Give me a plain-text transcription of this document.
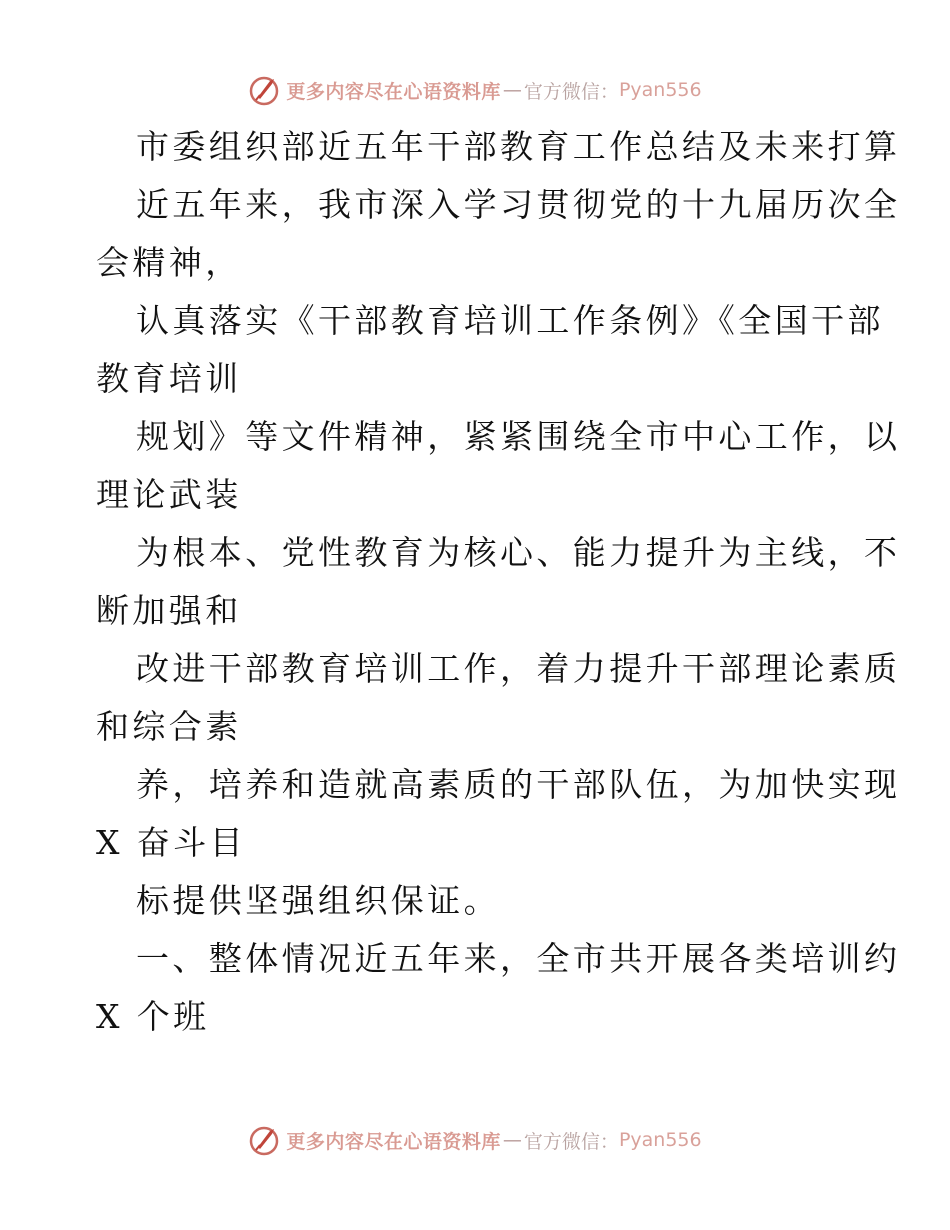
更多内容尽在心语资料库 — 官方微信： Pyan556
市委组织部近五年干部教育工作总结及未来打算
近五年来，我市深入学习贯彻党的十九届历次全
会精神，
认真落实《干部教育培训工作条例》《全国干部
教育培训
规划》等文件精神，紧紧围绕全市中心工作，以
理论武装
为根本、党性教育为核心、能力提升为主线，不
断加强和
改进干部教育培训工作，着力提升干部理论素质
和综合素
养，培养和造就高素质的干部队伍，为加快实现
X 奋斗目
标提供坚强组织保证。
一、整体情况近五年来，全市共开展各类培训约
X 个班
更多内容尽在心语资料库 — 官方微信： Pyan556
